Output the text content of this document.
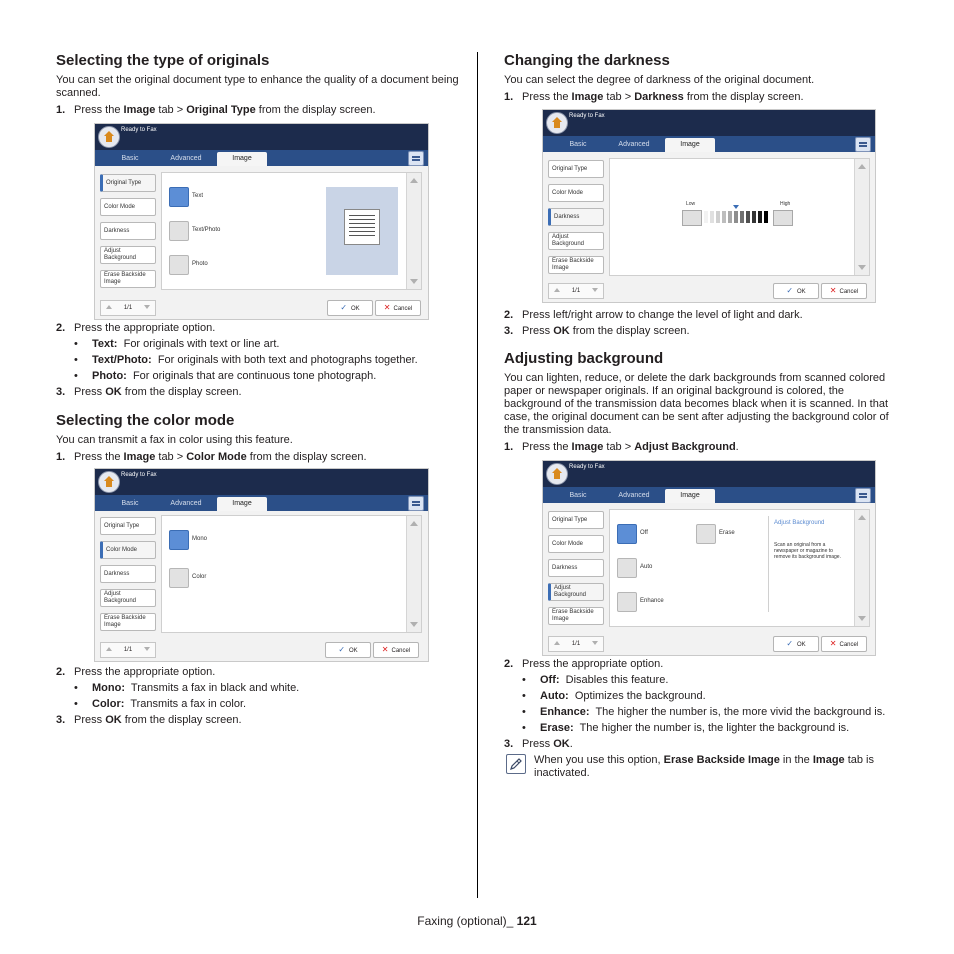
Selecting the type of originals

You can set the original document type to enhance the quality of a document being scanned.

1. Press the Image tab > Original Type from the display screen.
Ready to Fax
Basic	Advanced	Image
Original Type
Color Mode
Darkness
Adjust Background
Erase Backside Image
Text
Text/Photo
Photo
1/1	✓ OK	✕ Cancel
2. Press the appropriate option.
•	Text: For originals with text or line art.
•	Text/Photo: For originals with both text and photographs together.
•	Photo: For originals that are continuous tone photograph.
3. Press OK from the display screen.
Selecting the color mode

You can transmit a fax in color using this feature.

1. Press the Image tab > Color Mode from the display screen.
Ready to Fax
Basic	Advanced	Image
Original Type
Color Mode
Darkness
Adjust Background
Erase Backside Image
Mono
Color
1/1	✓ OK	✕ Cancel
2. Press the appropriate option.
•	Mono: Transmits a fax in black and white.
•	Color: Transmits a fax in color.
3. Press OK from the display screen.
Changing the darkness

You can select the degree of darkness of the original document.

1. Press the Image tab > Darkness from the display screen.
Ready to Fax
Basic	Advanced	Image
Original Type
Color Mode
Darkness
Adjust Background
Erase Backside Image
Low	High
1/1	✓ OK	✕ Cancel
2. Press left/right arrow to change the level of light and dark.
3. Press OK from the display screen.
Adjusting background

You can lighten, reduce, or delete the dark backgrounds from scanned colored paper or newspaper originals. If an original background is colored, the background of the transmission data becomes black when it is scanned. In that case, the original document can be sent after adjusting the background color of the transmission data.

1. Press the Image tab > Adjust Background.
Ready to Fax
Basic	Advanced	Image
Original Type
Color Mode
Darkness
Adjust Background
Erase Backside Image
Off
Auto
Enhance
Erase
Adjust Background
Scan an original from a newspaper or magazine to remove its background image.
1/1	✓ OK	✕ Cancel
2. Press the appropriate option.
•	Off: Disables this feature.
•	Auto: Optimizes the background.
•	Enhance: The higher the number is, the more vivid the background is.
•	Erase: The higher the number is, the lighter the background is.
3. Press OK.

When you use this option, Erase Backside Image in the Image tab is inactivated.

Faxing (optional)_ 121
